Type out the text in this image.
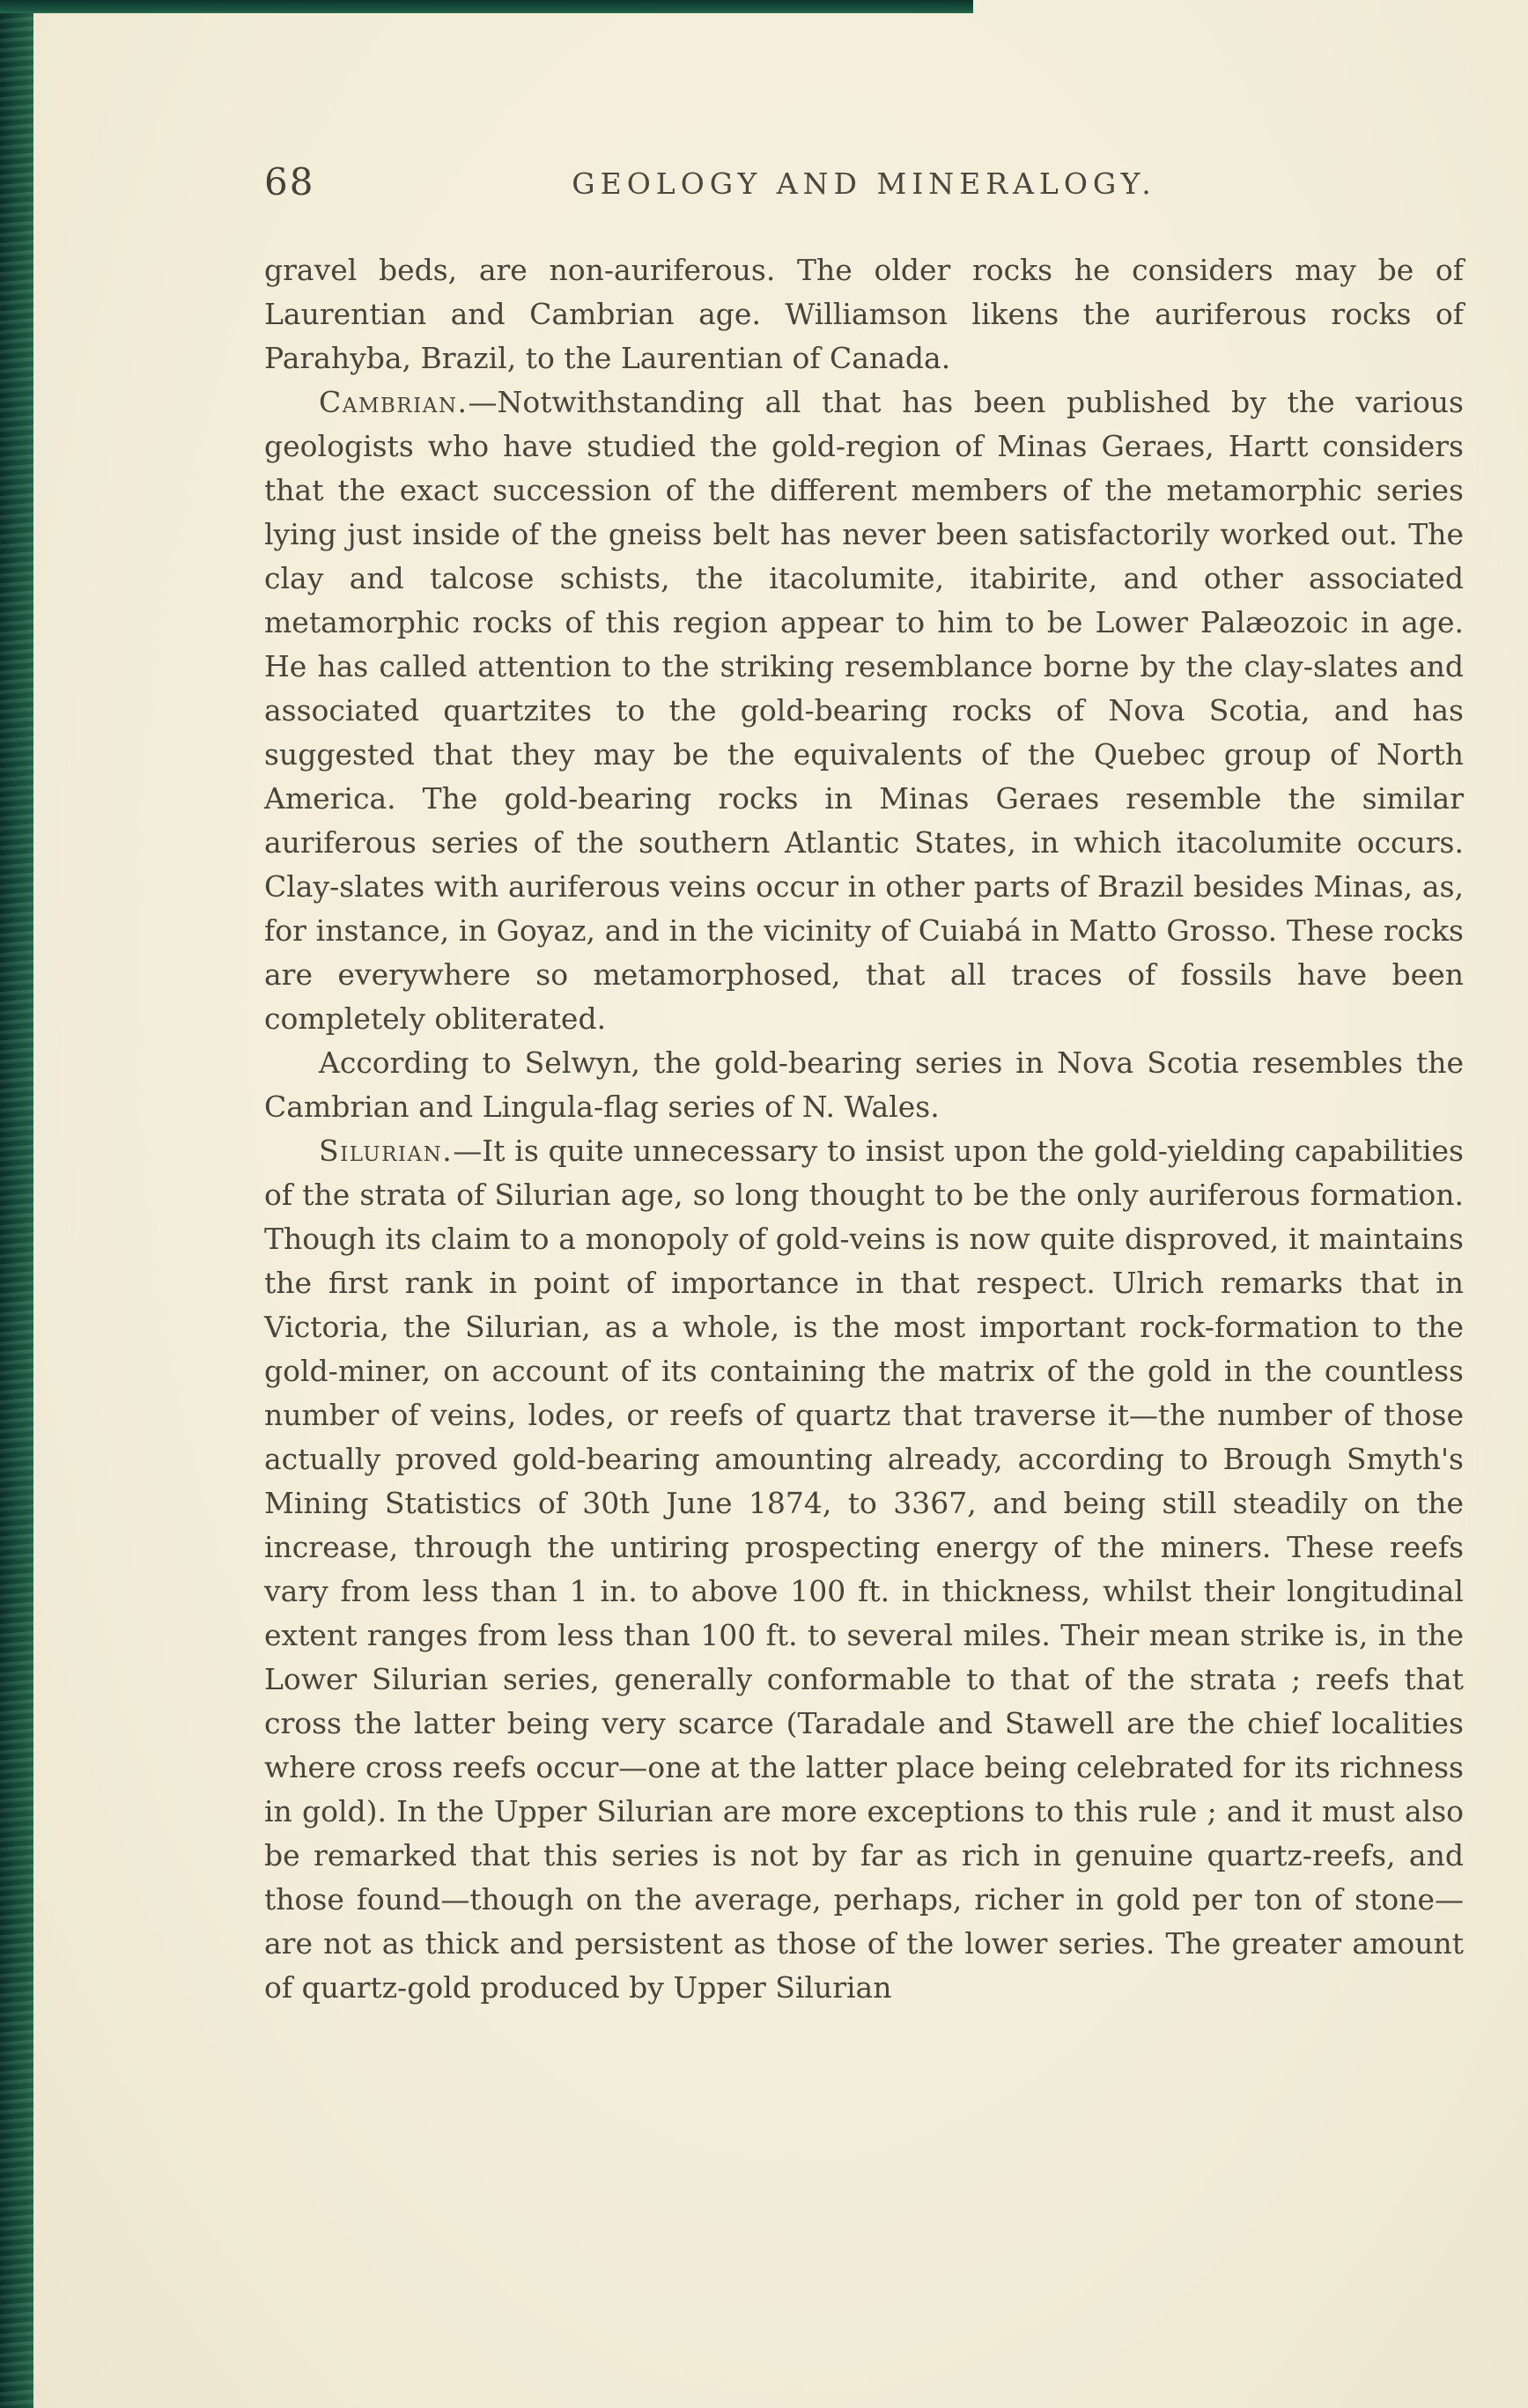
68	GEOLOGY AND MINERALOGY.

gravel beds, are non-auriferous. The older rocks he considers may be of Laurentian and Cambrian age. Williamson likens the auriferous rocks of Parahyba, Brazil, to the Laurentian of Canada.

Cambrian.—Notwithstanding all that has been published by the various geologists who have studied the gold-region of Minas Geraes, Hartt considers that the exact succession of the different members of the metamorphic series lying just inside of the gneiss belt has never been satisfactorily worked out. The clay and talcose schists, the itacolumite, itabirite, and other associated metamorphic rocks of this region appear to him to be Lower Palæozoic in age. He has called attention to the striking resemblance borne by the clay-slates and associated quartzites to the gold-bearing rocks of Nova Scotia, and has suggested that they may be the equivalents of the Quebec group of North America. The gold-bearing rocks in Minas Geraes resemble the similar auriferous series of the southern Atlantic States, in which itacolumite occurs. Clay-slates with auriferous veins occur in other parts of Brazil besides Minas, as, for instance, in Goyaz, and in the vicinity of Cuiabá in Matto Grosso. These rocks are everywhere so metamorphosed, that all traces of fossils have been completely obliterated.

According to Selwyn, the gold-bearing series in Nova Scotia resembles the Cambrian and Lingula-flag series of N. Wales.

Silurian.—It is quite unnecessary to insist upon the gold-yielding capabilities of the strata of Silurian age, so long thought to be the only auriferous formation. Though its claim to a monopoly of gold-veins is now quite disproved, it maintains the first rank in point of importance in that respect. Ulrich remarks that in Victoria, the Silurian, as a whole, is the most important rock-formation to the gold-miner, on account of its containing the matrix of the gold in the countless number of veins, lodes, or reefs of quartz that traverse it—the number of those actually proved gold-bearing amounting already, according to Brough Smyth's Mining Statistics of 30th June 1874, to 3367, and being still steadily on the increase, through the untiring prospecting energy of the miners. These reefs vary from less than 1 in. to above 100 ft. in thickness, whilst their longitudinal extent ranges from less than 100 ft. to several miles. Their mean strike is, in the Lower Silurian series, generally conformable to that of the strata ; reefs that cross the latter being very scarce (Taradale and Stawell are the chief localities where cross reefs occur—one at the latter place being celebrated for its richness in gold). In the Upper Silurian are more exceptions to this rule ; and it must also be remarked that this series is not by far as rich in genuine quartz-reefs, and those found—though on the average, perhaps, richer in gold per ton of stone—are not as thick and persistent as those of the lower series. The greater amount of quartz-gold produced by Upper Silurian
